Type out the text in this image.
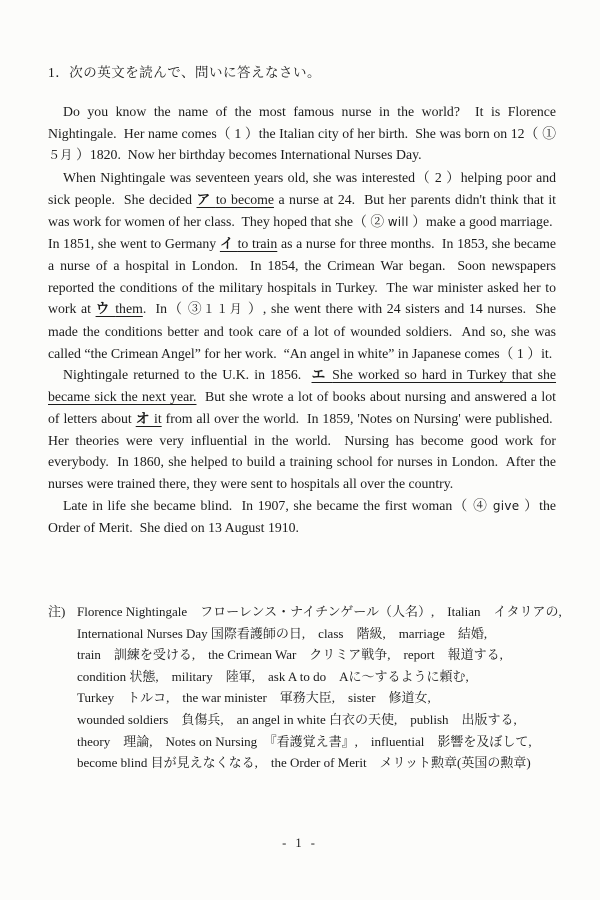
1．次の英文を読んで、問いに答えなさい。

Do you know the name of the most famous nurse in the world?  It is Florence Nightingale.  Her name comes（ 1 ）the Italian city of her birth.  She was born on 12（ ①５月 ）1820.  Now her birthday becomes International Nurses Day.

When Nightingale was seventeen years old, she was interested（ 2 ）helping poor and sick people.  She decided ア to become a nurse at 24.  But her parents didn't think that it was work for women of her class.  They hoped that she（ ② will ）make a good marriage.  In 1851, she went to Germany イ to train as a nurse for three months.  In 1853, she became a nurse of a hospital in London.  In 1854, the Crimean War began.  Soon newspapers reported the conditions of the military hospitals in Turkey.  The war minister asked her to work at ウ them.  In（ ③１１月 ）, she went there with 24 sisters and 14 nurses.  She made the conditions better and took care of a lot of wounded soldiers.  And so, she was called “the Crimean Angel” for her work.  “An angel in white” in Japanese comes（ 1 ）it.

Nightingale returned to the U.K. in 1856.  エ She worked so hard in Turkey that she became sick the next year.  But she wrote a lot of books about nursing and answered a lot of letters about オ it from all over the world.  In 1859, 'Notes on Nursing' were published.  Her theories were very influential in the world.  Nursing has become good work for everybody.  In 1860, she helped to build a training school for nurses in London.  After the nurses were trained there, they were sent to hospitals all over the country.

Late in life she became blind.  In 1907, she became the first woman（ ④ give ）the Order of Merit.  She died on 13 August 1910.

注) Florence Nightingale　フローレンス・ナイチンゲール（人名）,　Italian　イタリアの,
International Nurses Day 国際看護師の日,　class　階級,　marriage　結婚,
train　訓練を受ける,　the Crimean War　クリミア戦争,　report　報道する,
condition 状態,　military　陸軍,　ask A to do　Aに～するように頼む,
Turkey　トルコ,　the war minister　軍務大臣,　sister　修道女,
wounded soldiers　負傷兵,　an angel in white 白衣の天使,　publish　出版する,
theory　理論,　Notes on Nursing　『看護覚え書』,　influential　影響を及ぼして,
become blind 目が見えなくなる,　the Order of Merit　メリット勲章(英国の勲章)
- 1 -
